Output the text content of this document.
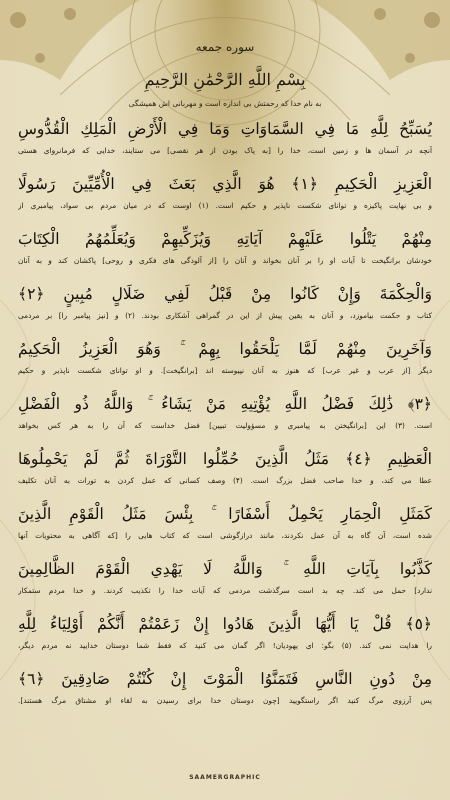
سوره جمعه
بِسْمِ اللَّهِ الرَّحْمَٰنِ الرَّحِيمِ
به نام خدا که رحمتش بی اندازه است و مهربانی اش همیشگی
يُسَبِّحُ لِلَّهِ مَا فِي السَّمَاوَاتِ وَمَا فِي الْأَرْضِ الْمَلِكِ الْقُدُّوسِ
آنچه در آسمان ها و زمین است، خدا را [به پاک بودن از هر نقصی] می ستایند، خدایی که فرمانروای هستی
الْعَزِيزِ الْحَكِيمِ ﴿١﴾ هُوَ الَّذِي بَعَثَ فِي الْأُمِّيِّينَ رَسُولًا
و بی نهایت پاکیزه و توانای شکست ناپذیر و حکیم است. (۱) اوست که در میان مردم بی سواد، پیامبری از
مِنْهُمْ يَتْلُوا عَلَيْهِمْ آيَاتِهِ وَيُزَكِّيهِمْ وَيُعَلِّمُهُمُ الْكِتَابَ
خودشان برانگیخت تا آیات او را بر آنان بخواند و آنان را [از آلودگی های فکری و روحی] پاکشان کند و به آنان
وَالْحِكْمَةَ وَإِنْ كَانُوا مِنْ قَبْلُ لَفِي ضَلَالٍ مُبِينٍ ﴿٢﴾
کتاب و حکمت بیاموزد، و آنان به یقین پیش از این در گمراهی آشکاری بودند. (۲) و [نیز پیامبر را] بر مردمی
وَآخَرِينَ مِنْهُمْ لَمَّا يَلْحَقُوا بِهِمْ ۚ وَهُوَ الْعَزِيزُ الْحَكِيمُ
دیگر [از عرب و غیر عرب] که هنوز به آنان نپیوسته اند [برانگیخت]. و او توانای شکست ناپذیر و حکیم
﴿٣﴾ ذَٰلِكَ فَضْلُ اللَّهِ يُؤْتِيهِ مَنْ يَشَاءُ ۚ وَاللَّهُ ذُو الْفَضْلِ
است. (۳) این [برانگیختن به پیامبری و مسؤولیت تبیین] فضل خداست که آن را به هر کس بخواهد
الْعَظِيمِ ﴿٤﴾ مَثَلُ الَّذِينَ حُمِّلُوا التَّوْرَاةَ ثُمَّ لَمْ يَحْمِلُوهَا
عطا می کند، و خدا صاحب فضل بزرگ است. (۴) وصف کسانی که عمل کردن به تورات به آنان تکلیف
كَمَثَلِ الْحِمَارِ يَحْمِلُ أَسْفَارًا ۚ بِئْسَ مَثَلُ الْقَوْمِ الَّذِينَ
شده است، آن گاه به آن عمل نکردند، مانند درازگوشی است که کتاب هایی را [که آگاهی به محتویات آنها
كَذَّبُوا بِآيَاتِ اللَّهِ ۚ وَاللَّهُ لَا يَهْدِي الْقَوْمَ الظَّالِمِينَ
ندارد] حمل می کند. چه بد است سرگذشت مردمی که آیات خدا را تکذیب کردند. و خدا مردم ستمکار
﴿٥﴾ قُلْ يَا أَيُّهَا الَّذِينَ هَادُوا إِنْ زَعَمْتُمْ أَنَّكُمْ أَوْلِيَاءُ لِلَّهِ
را هدایت نمی کند. (۵) بگو: ای یهودیان! اگر گمان می کنید که فقط شما دوستان خدایید نه مردم دیگر،
مِنْ دُونِ النَّاسِ فَتَمَنَّوُا الْمَوْتَ إِنْ كُنْتُمْ صَادِقِينَ ﴿٦﴾
پس آرزوی مرگ کنید اگر راستگویید [چون دوستان خدا برای رسیدن به لقاء او مشتاق مرگ هستند].
SAAMERGRAPHIC
